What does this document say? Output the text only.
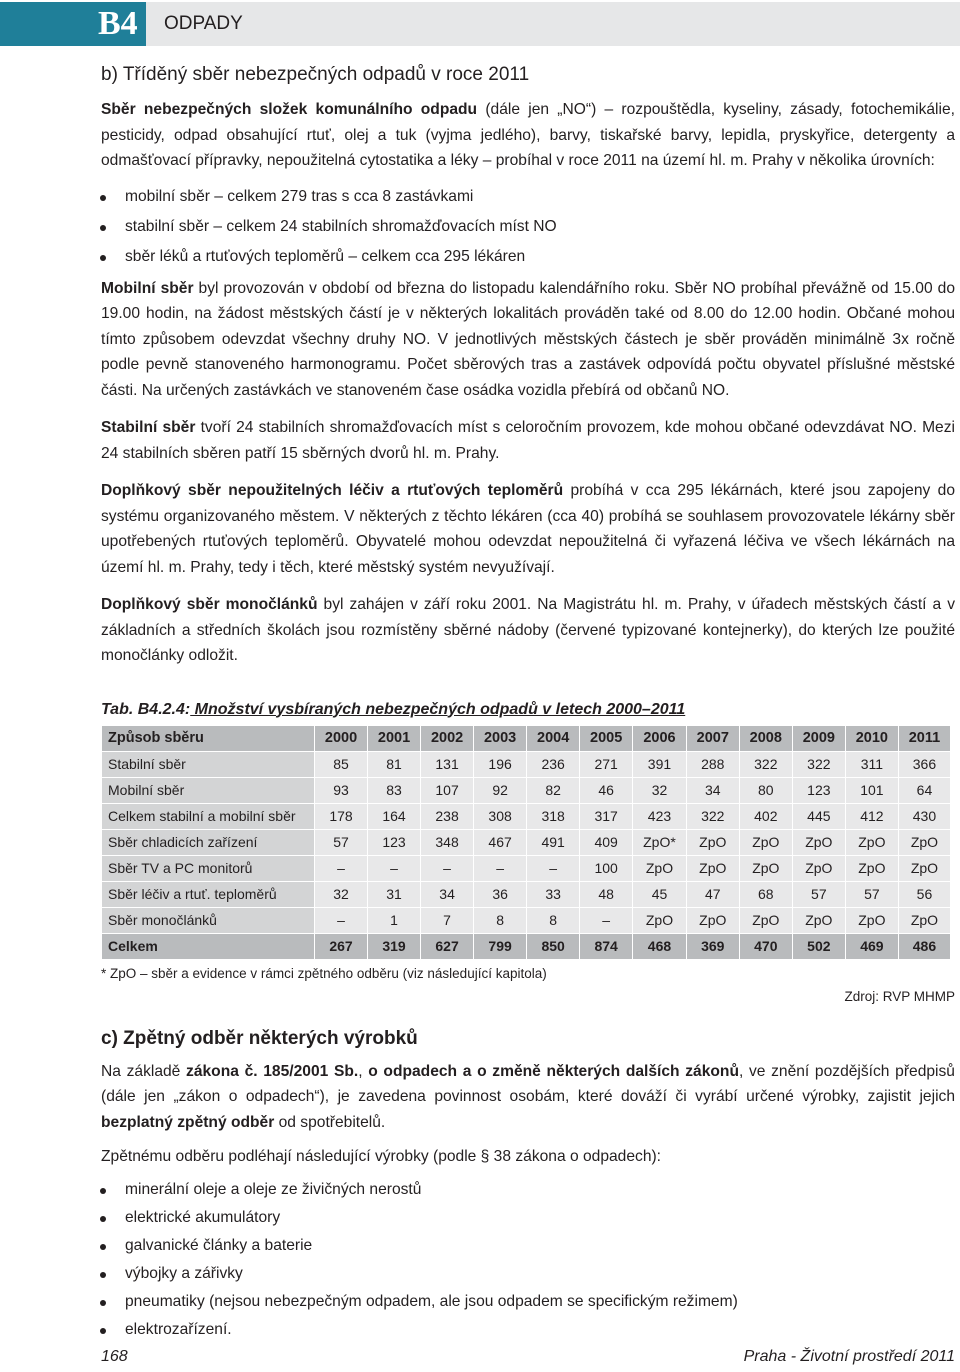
B4	ODPADY
b) Tříděný sběr nebezpečných odpadů v roce 2011

Sběr nebezpečných složek komunálního odpadu (dále jen „NO“) – rozpouštědla, kyseliny, zásady, fotochemikálie, pesticidy, odpad obsahující rtuť, olej a tuk (vyjma jedlého), barvy, tiskařské barvy, lepidla, pryskyřice, detergenty a odmašťovací přípravky, nepoužitelná cytostatika a léky – probíhal v roce 2011 na území hl. m. Prahy v několika úrovních:

mobilní sběr – celkem 279 tras s cca 8 zastávkami
stabilní sběr – celkem 24 stabilních shromažďovacích míst NO
sběr léků a rtuťových teploměrů – celkem cca 295 lékáren

Mobilní sběr byl provozován v období od března do listopadu kalendářního roku. Sběr NO probíhal převážně od 15.00 do 19.00 hodin, na žádost městských částí je v některých lokalitách prováděn také od 8.00 do 12.00 hodin. Občané mohou tímto způsobem odevzdat všechny druhy NO. V jednotlivých městských částech je sběr prováděn minimálně 3x ročně podle pevně stanoveného harmonogramu. Počet sběrových tras a zastávek odpovídá počtu obyvatel příslušné městské části. Na určených zastávkách ve stanoveném čase osádka vozidla přebírá od občanů NO.

Stabilní sběr tvoří 24 stabilních shromažďovacích míst s celoročním provozem, kde mohou občané odevzdávat NO. Mezi 24 stabilních sběren patří 15 sběrných dvorů hl. m. Prahy.

Doplňkový sběr nepoužitelných léčiv a rtuťových teploměrů probíhá v cca 295 lékárnách, které jsou zapojeny do systému organizovaného městem. V některých z těchto lékáren (cca 40) probíhá se souhlasem provozovatele lékárny sběr upotřebených rtuťových teploměrů. Obyvatelé mohou odevzdat nepoužitelná či vyřazená léčiva ve všech lékárnách na území hl. m. Prahy, tedy i těch, které městský systém nevyužívají.

Doplňkový sběr monočlánků byl zahájen v září roku 2001. Na Magistrátu hl. m. Prahy, v úřadech městských částí a v základních a středních školách jsou rozmístěny sběrné nádoby (červené typizované kontejnerky), do kterých lze použité monočlánky odložit.

Tab. B4.2.4: Množství vysbíraných nebezpečných odpadů v letech 2000–2011
Způsob sběru	2000	2001	2002	2003	2004	2005	2006	2007	2008	2009	2010	2011
Stabilní sběr	85	81	131	196	236	271	391	288	322	322	311	366
Mobilní sběr	93	83	107	92	82	46	32	34	80	123	101	64
Celkem stabilní a mobilní sběr	178	164	238	308	318	317	423	322	402	445	412	430
Sběr chladicích zařízení	57	123	348	467	491	409	ZpO*	ZpO	ZpO	ZpO	ZpO	ZpO
Sběr TV a PC monitorů	–	–	–	–	–	100	ZpO	ZpO	ZpO	ZpO	ZpO	ZpO
Sběr léčiv a rtuť. teploměrů	32	31	34	36	33	48	45	47	68	57	57	56
Sběr monočlánků	–	1	7	8	8	–	ZpO	ZpO	ZpO	ZpO	ZpO	ZpO
Celkem	267	319	627	799	850	874	468	369	470	502	469	486
* ZpO – sběr a evidence v rámci zpětného odběru (viz následující kapitola)
Zdroj: RVP MHMP
c) Zpětný odběr některých výrobků

Na základě zákona č. 185/2001 Sb., o odpadech a o změně některých dalších zákonů, ve znění pozdějších předpisů (dále jen „zákon o odpadech“), je zavedena povinnost osobám, které dováží či vyrábí určené výrobky, zajistit jejich bezplatný zpětný odběr od spotřebitelů.

Zpětnému odběru podléhají následující výrobky (podle § 38 zákona o odpadech):

minerální oleje a oleje ze živičných nerostů
elektrické akumulátory
galvanické články a baterie
výbojky a zářivky
pneumatiky (nejsou nebezpečným odpadem, ale jsou odpadem se specifickým režimem)
elektrozařízení.
168	Praha - Životní prostředí 2011
